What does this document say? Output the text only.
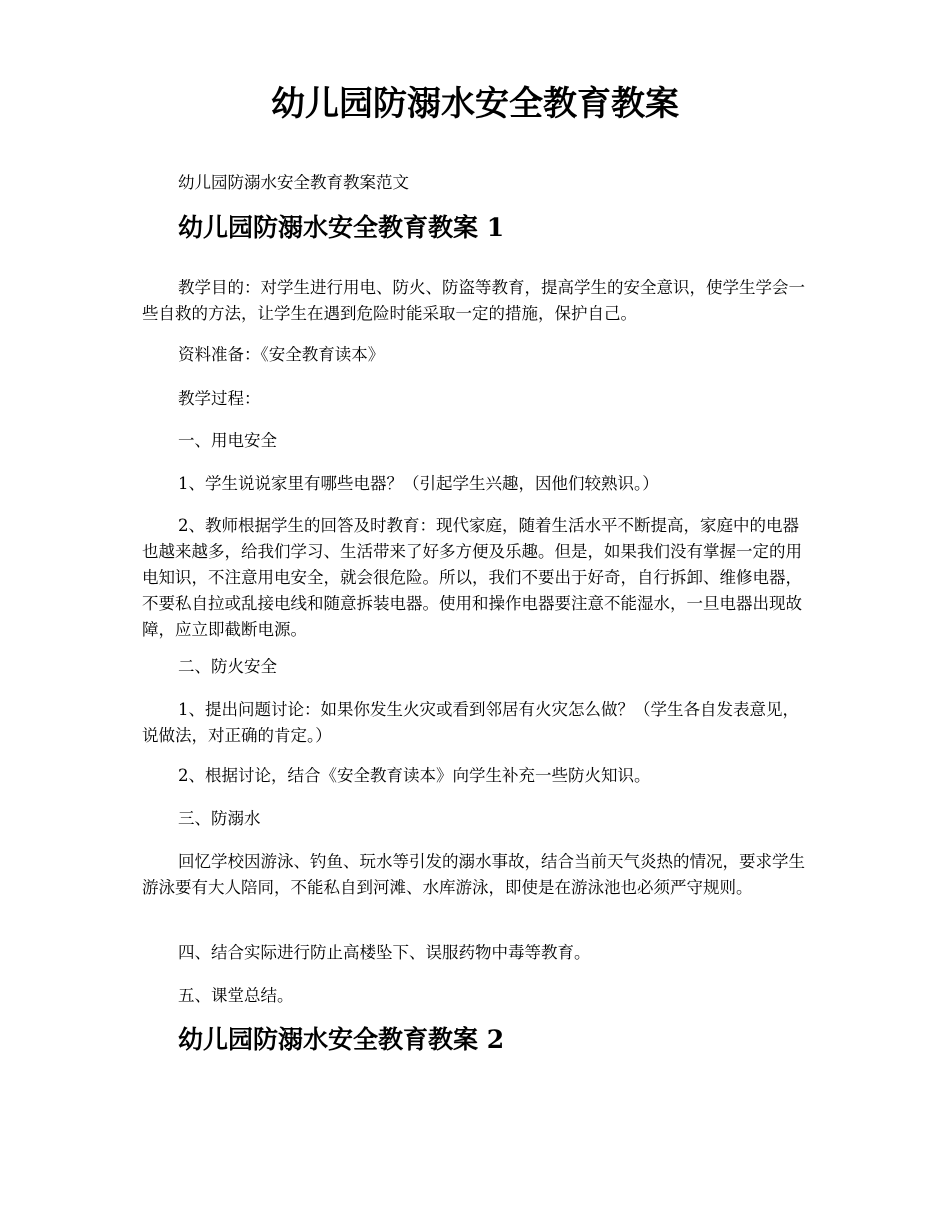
幼儿园防溺水安全教育教案
幼儿园防溺水安全教育教案范文
幼儿园防溺水安全教育教案 1

教学目的：对学生进行用电、防火、防盗等教育，提高学生的安全意识，使学生学会一些自救的方法，让学生在遇到危险时能采取一定的措施，保护自己。

资料准备：《安全教育读本》

教学过程：

一、用电安全

1、学生说说家里有哪些电器？（引起学生兴趣，因他们较熟识。）

2、教师根据学生的回答及时教育：现代家庭，随着生活水平不断提高，家庭中的电器也越来越多，给我们学习、生活带来了好多方便及乐趣。但是，如果我们没有掌握一定的用电知识，不注意用电安全，就会很危险。所以，我们不要出于好奇，自行拆卸、维修电器，不要私自拉或乱接电线和随意拆装电器。使用和操作电器要注意不能湿水，一旦电器出现故障，应立即截断电源。

二、防火安全

1、提出问题讨论：如果你发生火灾或看到邻居有火灾怎么做？（学生各自发表意见，说做法，对正确的肯定。）

2、根据讨论，结合《安全教育读本》向学生补充一些防火知识。

三、防溺水

回忆学校因游泳、钓鱼、玩水等引发的溺水事故，结合当前天气炎热的情况，要求学生游泳要有大人陪同，不能私自到河滩、水库游泳，即使是在游泳池也必须严守规则。

四、结合实际进行防止高楼坠下、误服药物中毒等教育。

五、课堂总结。

幼儿园防溺水安全教育教案 2
